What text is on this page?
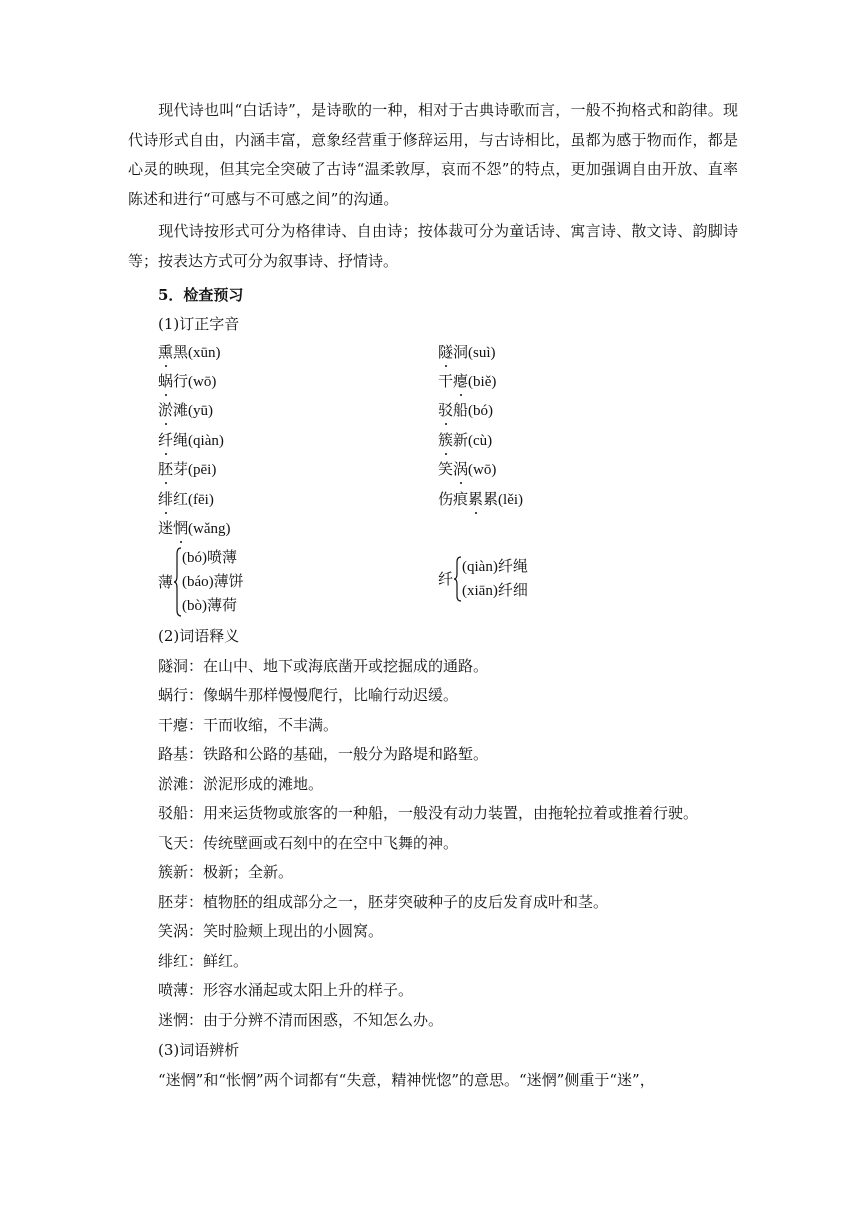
现代诗也叫“白话诗”，是诗歌的一种，相对于古典诗歌而言，一般不拘格式和韵律。现代诗形式自由，内涵丰富，意象经营重于修辞运用，与古诗相比，虽都为感于物而作，都是心灵的映现，但其完全突破了古诗“温柔敦厚，哀而不怨”的特点，更加强调自由开放、直率陈述和进行“可感与不可感之间”的沟通。

现代诗按形式可分为格律诗、自由诗；按体裁可分为童话诗、寓言诗、散文诗、韵脚诗等；按表达方式可分为叙事诗、抒情诗。

5．检查预习
(1)订正字音
熏黑(xūn)
蜗行(wō)
淤滩(yū)
纤绳(qiàn)
胚芽(pēi)
绯红(fēi)
迷惘(wǎng)
隧洞(suì)
干瘪(biě)
驳船(bó)
簇新(cù)
笑涡(wō)
伤痕累累(lěi)
薄
(bó)喷薄
(báo)薄饼
(bò)薄荷
纤
(qiàn)纤绳
(xiān)纤细
(2)词语释义
隧洞：在山中、地下或海底凿开或挖掘成的通路。
蜗行：像蜗牛那样慢慢爬行，比喻行动迟缓。
干瘪：干而收缩，不丰满。
路基：铁路和公路的基础，一般分为路堤和路堑。
淤滩：淤泥形成的滩地。
驳船：用来运货物或旅客的一种船，一般没有动力装置，由拖轮拉着或推着行驶。
飞天：传统壁画或石刻中的在空中飞舞的神。
簇新：极新；全新。
胚芽：植物胚的组成部分之一，胚芽突破种子的皮后发育成叶和茎。
笑涡：笑时脸颊上现出的小圆窝。
绯红：鲜红。
喷薄：形容水涌起或太阳上升的样子。
迷惘：由于分辨不清而困惑，不知怎么办。
(3)词语辨析
“迷惘”和“怅惘”两个词都有“失意，精神恍惚”的意思。“迷惘”侧重于“迷”，
